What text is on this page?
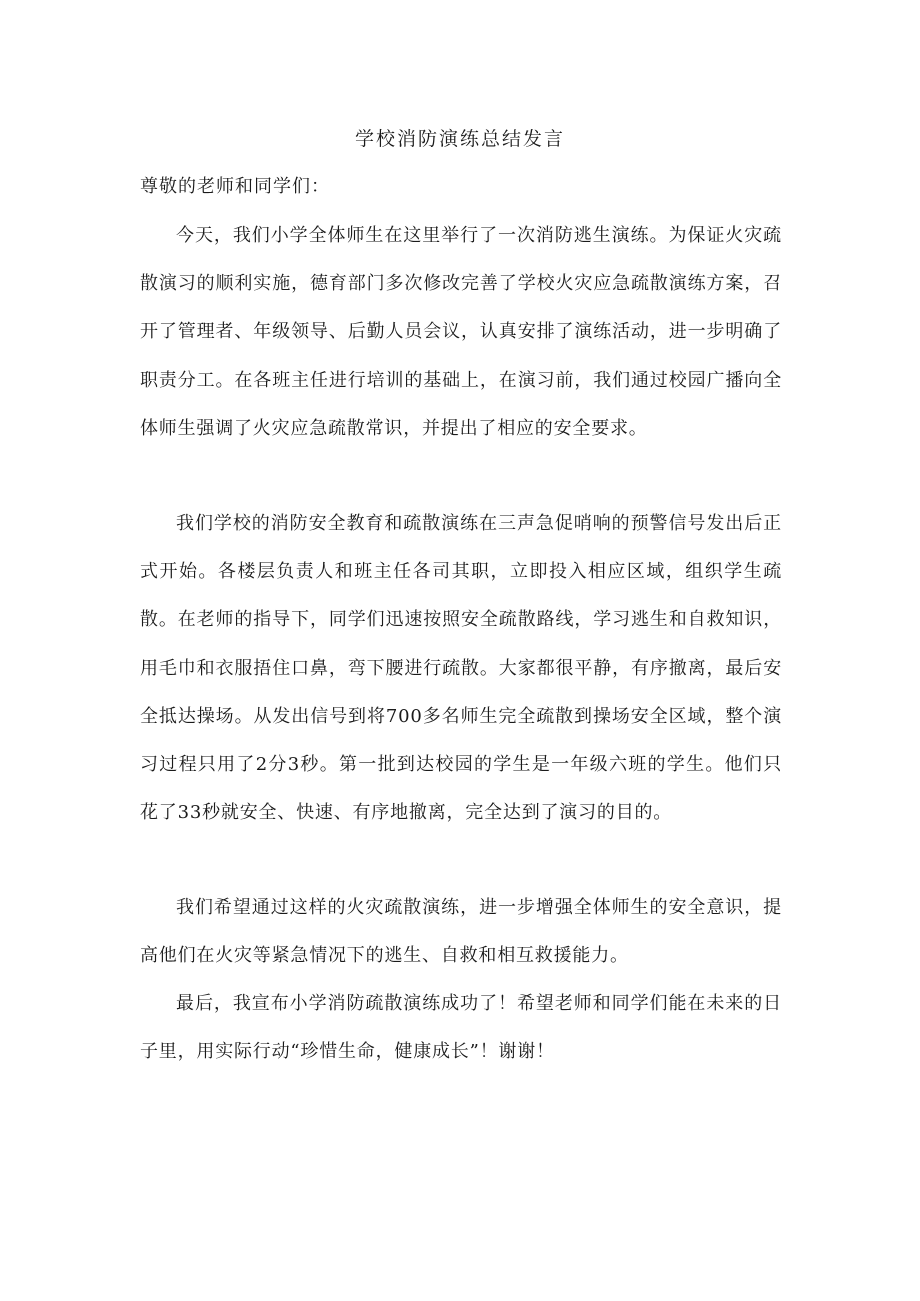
学校消防演练总结发言
尊敬的老师和同学们：

今天，我们小学全体师生在这里举行了一次消防逃生演练。为保证火灾疏散演习的顺利实施，德育部门多次修改完善了学校火灾应急疏散演练方案，召开了管理者、年级领导、后勤人员会议，认真安排了演练活动，进一步明确了职责分工。在各班主任进行培训的基础上，在演习前，我们通过校园广播向全体师生强调了火灾应急疏散常识，并提出了相应的安全要求。

我们学校的消防安全教育和疏散演练在三声急促哨响的预警信号发出后正式开始。各楼层负责人和班主任各司其职，立即投入相应区域，组织学生疏散。在老师的指导下，同学们迅速按照安全疏散路线，学习逃生和自救知识，用毛巾和衣服捂住口鼻，弯下腰进行疏散。大家都很平静，有序撤离，最后安全抵达操场。从发出信号到将700多名师生完全疏散到操场安全区域，整个演习过程只用了2分3秒。第一批到达校园的学生是一年级六班的学生。他们只花了33秒就安全、快速、有序地撤离，完全达到了演习的目的。

我们希望通过这样的火灾疏散演练，进一步增强全体师生的安全意识，提高他们在火灾等紧急情况下的逃生、自救和相互救援能力。

最后，我宣布小学消防疏散演练成功了！希望老师和同学们能在未来的日子里，用实际行动“珍惜生命，健康成长”！谢谢！
